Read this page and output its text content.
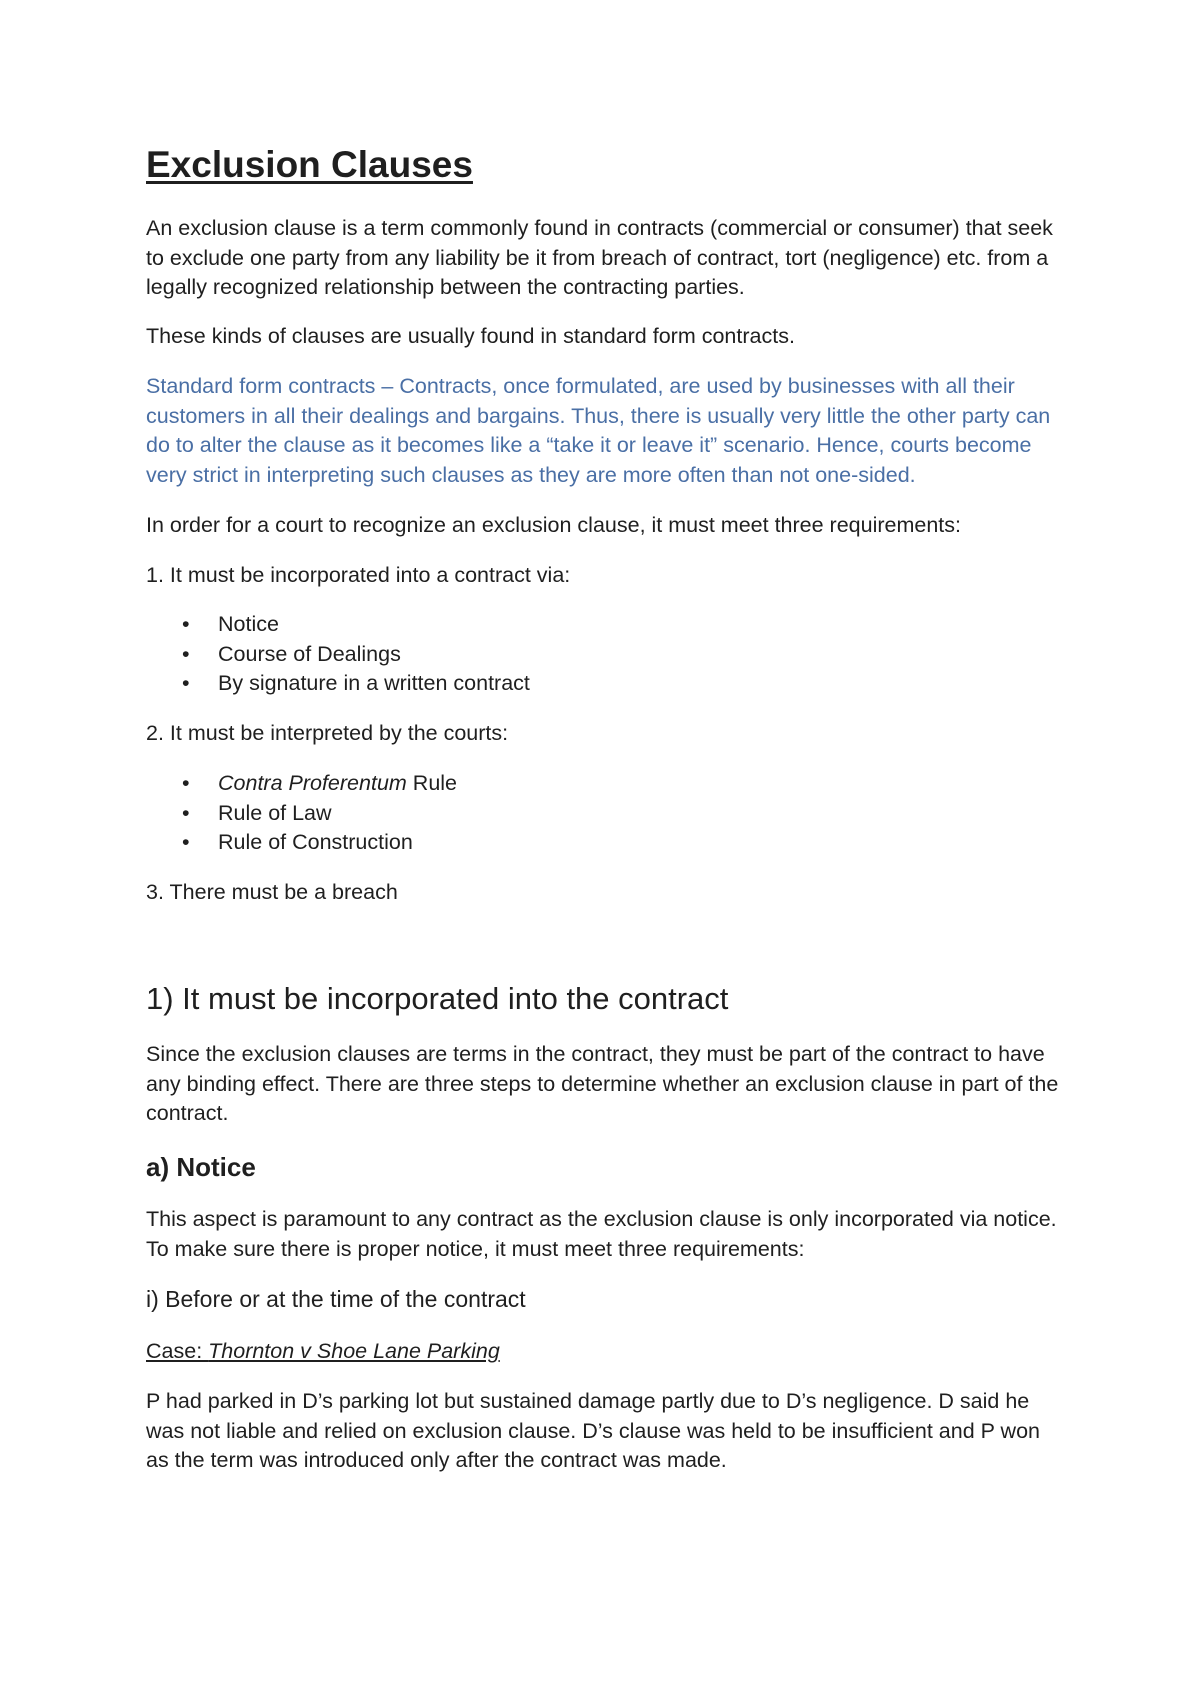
Exclusion Clauses

An exclusion clause is a term commonly found in contracts (commercial or consumer) that seek to exclude one party from any liability be it from breach of contract, tort (negligence) etc. from a legally recognized relationship between the contracting parties.

These kinds of clauses are usually found in standard form contracts.

Standard form contracts – Contracts, once formulated, are used by businesses with all their customers in all their dealings and bargains. Thus, there is usually very little the other party can do to alter the clause as it becomes like a “take it or leave it” scenario. Hence, courts become very strict in interpreting such clauses as they are more often than not one-sided.

In order for a court to recognize an exclusion clause, it must meet three requirements:

1. It must be incorporated into a contract via:

• Notice
• Course of Dealings
• By signature in a written contract

2. It must be interpreted by the courts:

• Contra Proferentum Rule
• Rule of Law
• Rule of Construction

3. There must be a breach

1) It must be incorporated into the contract

Since the exclusion clauses are terms in the contract, they must be part of the contract to have any binding effect. There are three steps to determine whether an exclusion clause in part of the contract.

a) Notice

This aspect is paramount to any contract as the exclusion clause is only incorporated via notice. To make sure there is proper notice, it must meet three requirements:

i) Before or at the time of the contract

Case: Thornton v Shoe Lane Parking

P had parked in D’s parking lot but sustained damage partly due to D’s negligence. D said he was not liable and relied on exclusion clause. D’s clause was held to be insufficient and P won as the term was introduced only after the contract was made.
